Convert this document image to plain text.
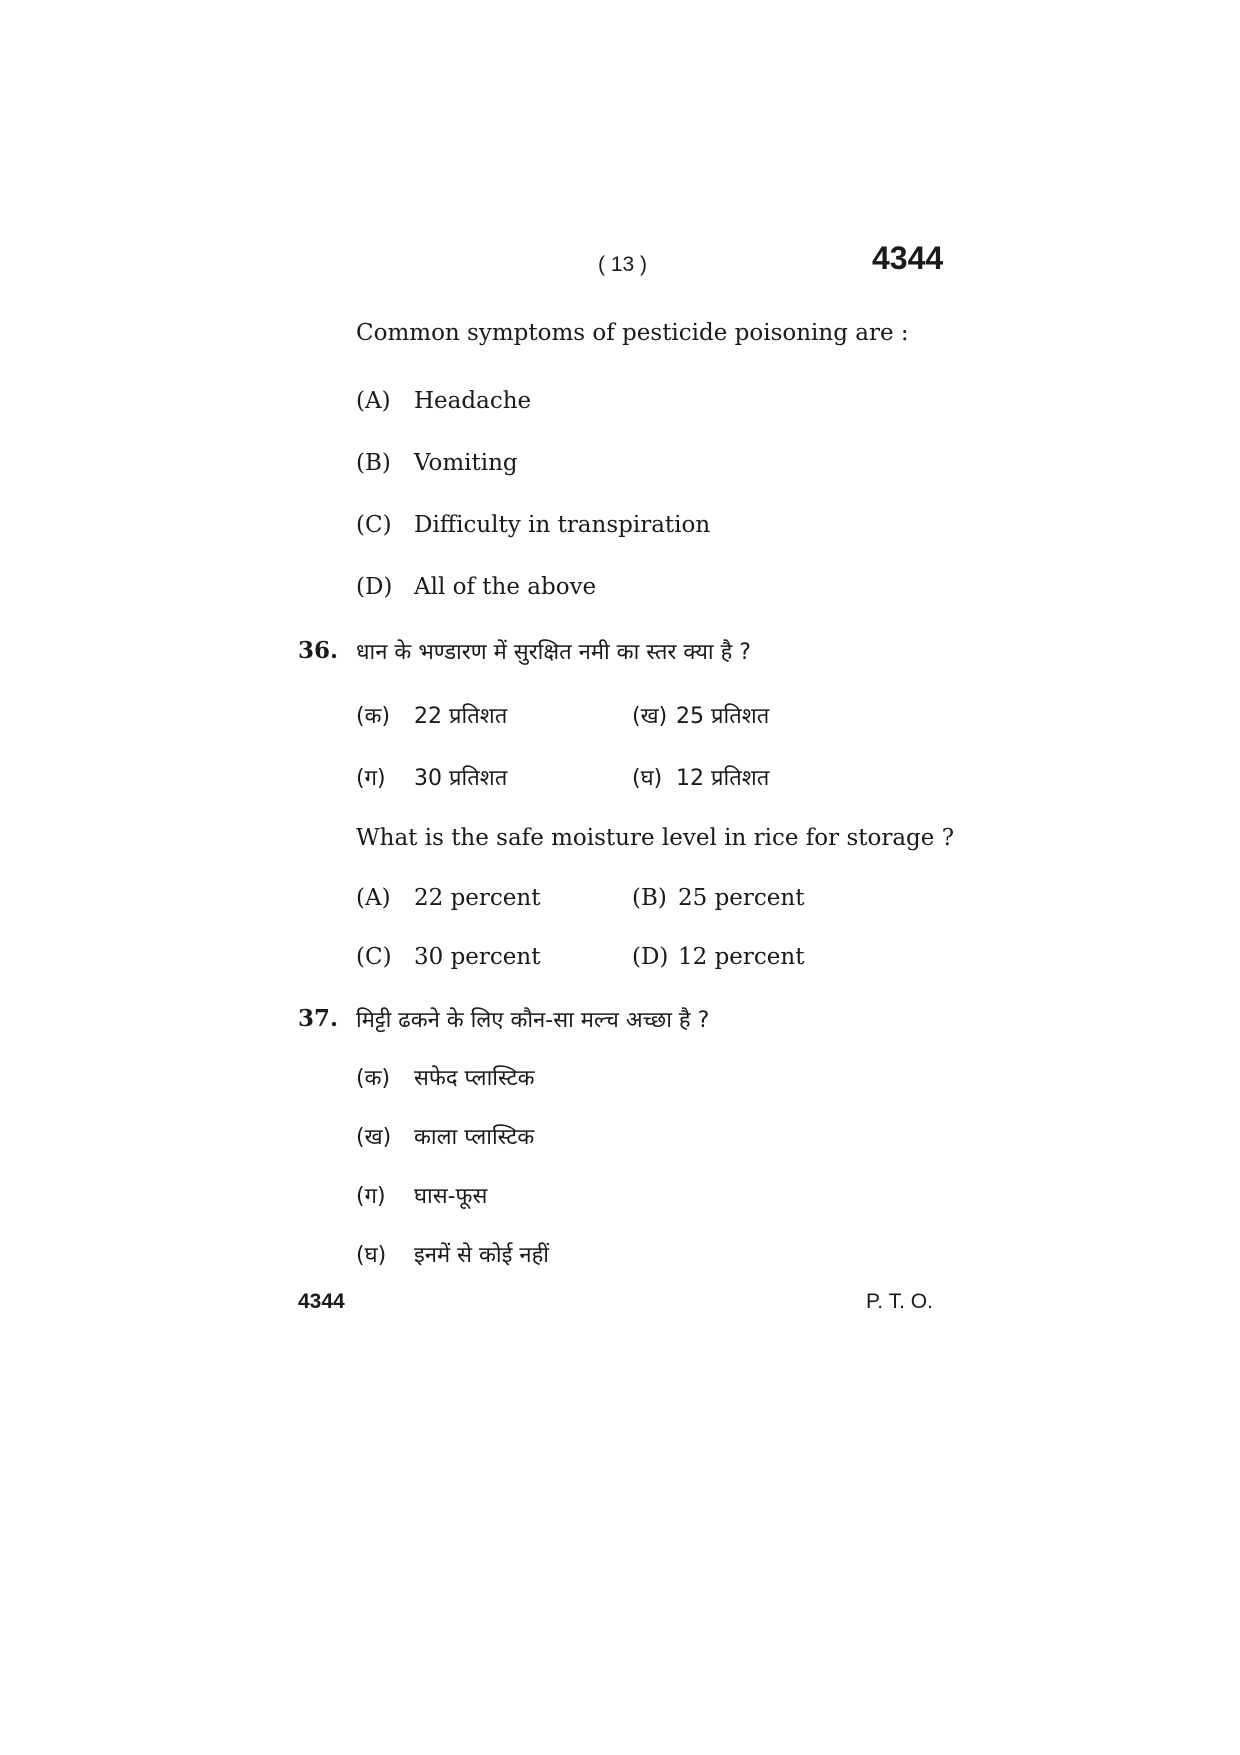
( 13 )	4344
Common symptoms of pesticide poisoning are :
(A) Headache
(B) Vomiting
(C) Difficulty in transpiration
(D) All of the above
36. धान के भण्डारण में सुरक्षित नमी का स्तर क्या है ?
(क) 22 प्रतिशत	(ख) 25 प्रतिशत
(ग) 30 प्रतिशत	(घ) 12 प्रतिशत
What is the safe moisture level in rice for storage ?
(A) 22 percent	(B) 25 percent
(C) 30 percent	(D) 12 percent
37. मिट्टी ढकने के लिए कौन-सा मल्च अच्छा है ?
(क) सफेद प्लास्टिक
(ख) काला प्लास्टिक
(ग) घास-फूस
(घ) इनमें से कोई नहीं
4344	P. T. O.
